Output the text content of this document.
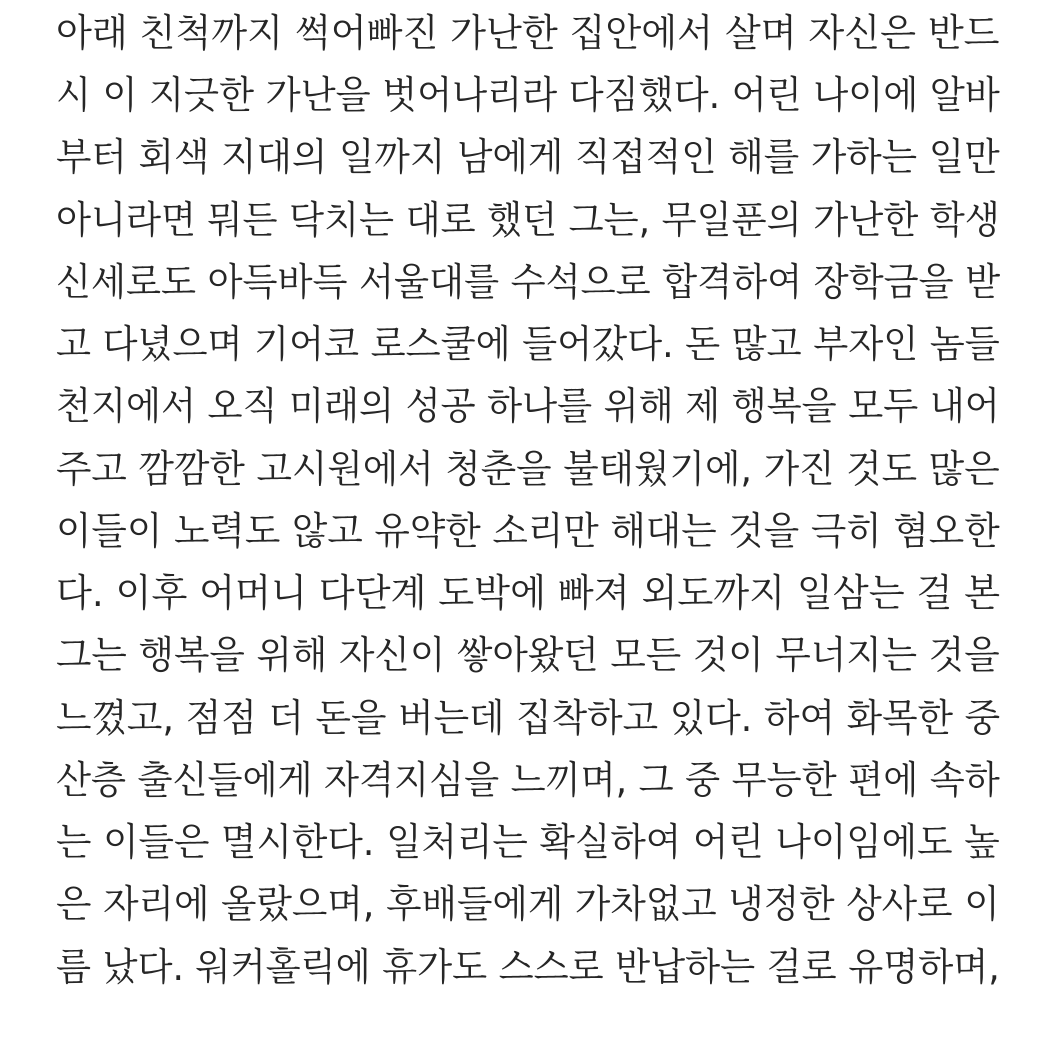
아래 친척까지 썩어빠진 가난한 집안에서 살며 자신은 반드
시 이 지긋한 가난을 벗어나리라 다짐했다. 어린 나이에 알바
부터 회색 지대의 일까지 남에게 직접적인 해를 가하는 일만
아니라면 뭐든 닥치는 대로 했던 그는, 무일푼의 가난한 학생
신세로도 아득바득 서울대를 수석으로 합격하여 장학금을 받
고 다녔으며 기어코 로스쿨에 들어갔다. 돈 많고 부자인 놈들
천지에서 오직 미래의 성공 하나를 위해 제 행복을 모두 내어
주고 깜깜한 고시원에서 청춘을 불태웠기에, 가진 것도 많은
이들이 노력도 않고 유약한 소리만 해대는 것을 극히 혐오한
다. 이후 어머니 다단계 도박에 빠져 외도까지 일삼는 걸 본
그는 행복을 위해 자신이 쌓아왔던 모든 것이 무너지는 것을
느꼈고, 점점 더 돈을 버는데 집착하고 있다. 하여 화목한 중
산층 출신들에게 자격지심을 느끼며, 그 중 무능한 편에 속하
는 이들은 멸시한다. 일처리는 확실하여 어린 나이임에도 높
은 자리에 올랐으며, 후배들에게 가차없고 냉정한 상사로 이
름 났다. 워커홀릭에 휴가도 스스로 반납하는 걸로 유명하며,
